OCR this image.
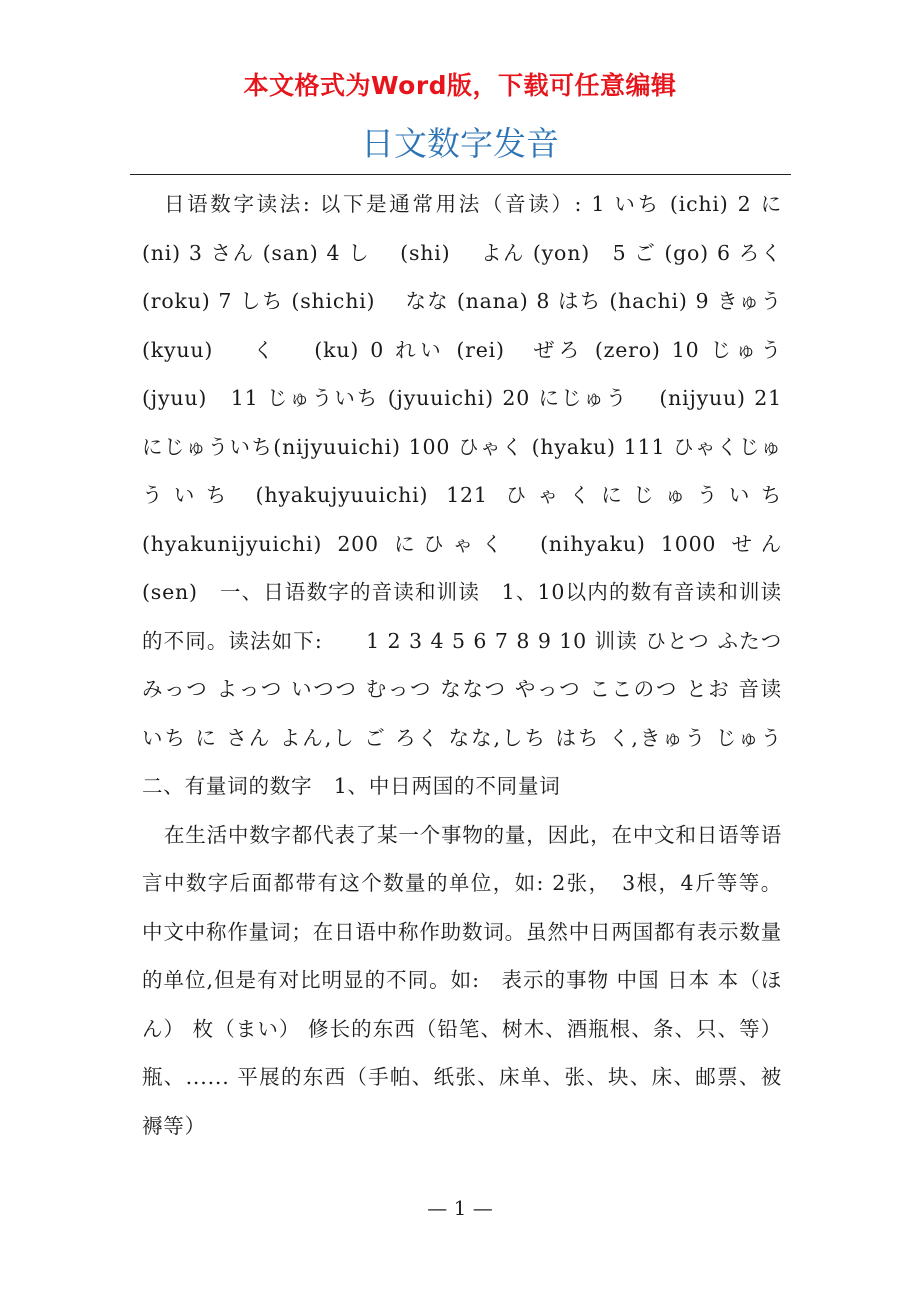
本文格式为Word版，下载可任意编辑
日文数字发音

日语数字读法: 以下是通常用法（音读）: 1 いち (ichi) 2 に　 (ni) 3 さん (san) 4 し　 (shi)　 よん (yon)　5 ご (go) 6 ろく (roku) 7 しち (shichi)　 なな (nana) 8 はち (hachi) 9 きゅう(kyuu)　 く　 (ku) 0 れい (rei)　ぜろ (zero) 10 じゅう　 (jyuu)　11 じゅういち (jyuuichi) 20 にじゅう　 (nijyuu) 21 にじゅういち(nijyuuichi) 100 ひゃく (hyaku) 111 ひゃくじゅういち (hyakujyuuichi) 121 ひゃくにじゅういち(hyakunijyuichi) 200 にひゃく　(nihyaku) 1000 せん　 (sen)　一、日语数字的音读和训读　1、10以内的数有音读和训读的不同。读法如下:　　1 2 3 4 5 6 7 8 9 10 训读 ひとつ ふたつ みっつ よっつ いつつ むっつ ななつ やっつ ここのつ とお 音读 いち に さん よん,し ご ろく なな,しち はち く,きゅう じゅう 二、有量词的数字　1、中日两国的不同量词

在生活中数字都代表了某一个事物的量，因此，在中文和日语等语言中数字后面都带有这个数量的单位，如: 2张，　3根，4斤等等。中文中称作量词；在日语中称作助数词。虽然中日两国都有表示数量的单位,但是有对比明显的不同。如:　表示的事物 中国 日本 本（ほん） 枚（まい） 修长的东西（铅笔、树木、酒瓶根、条、只、等） 瓶、...... 平展的东西（手帕、纸张、床单、张、块、床、邮票、被褥等）

— 1 —
